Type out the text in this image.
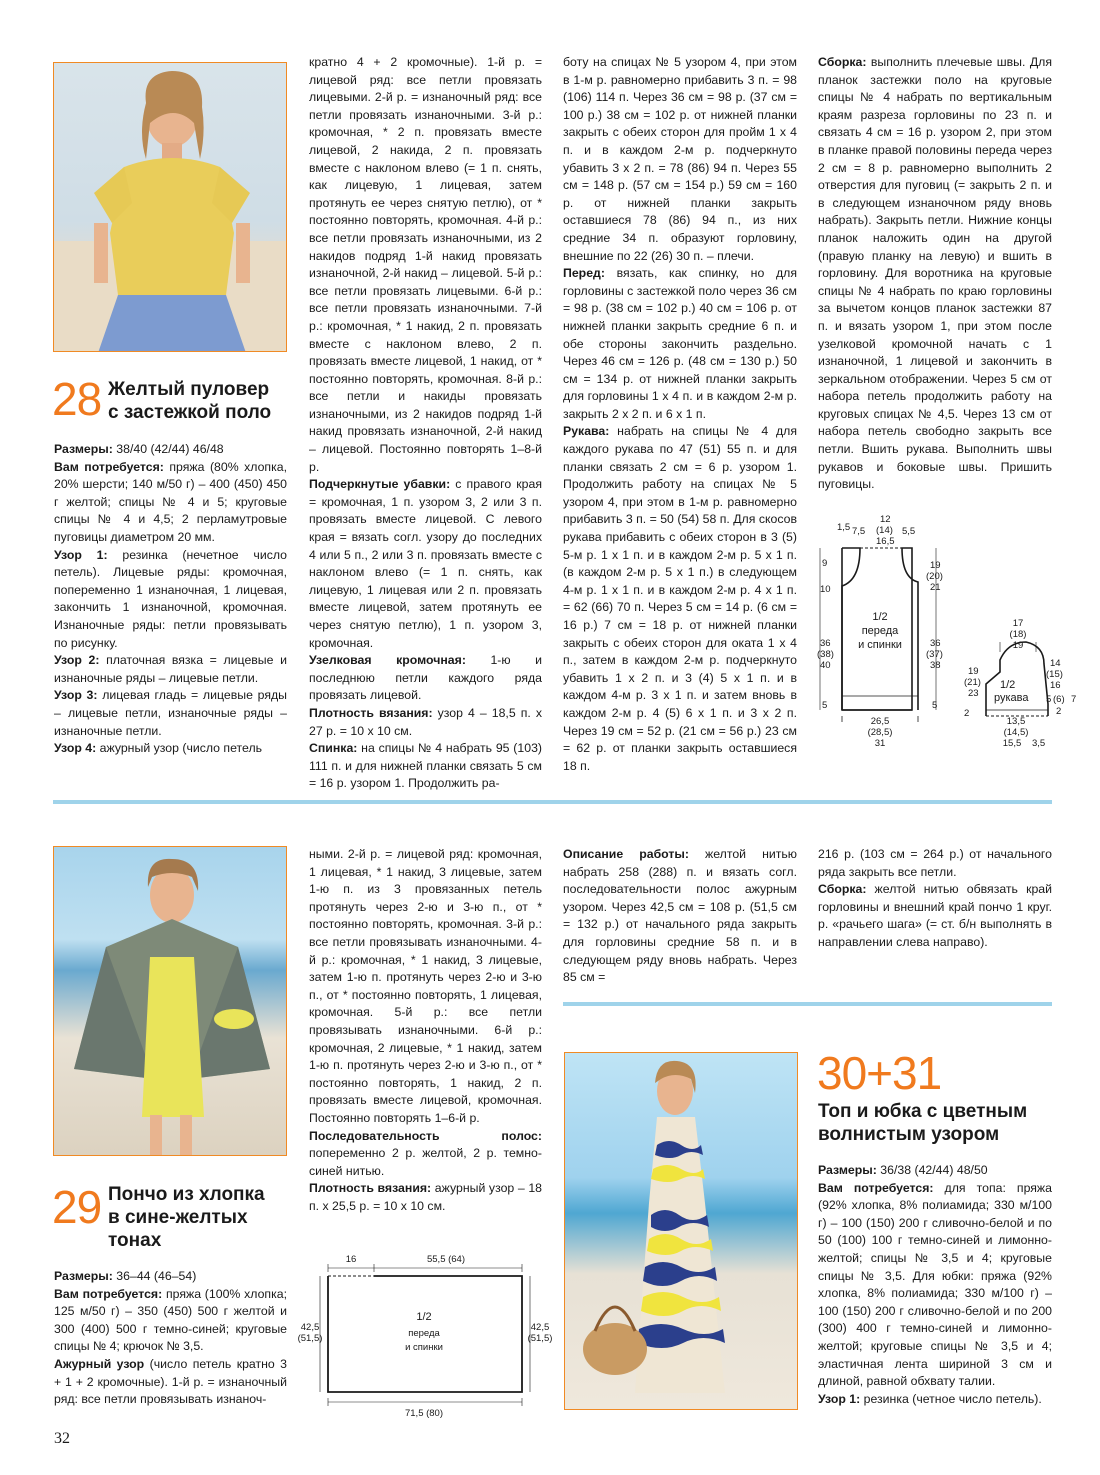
28 Желтый пуловер
с застежкой поло

Размеры: 38/40 (42/44) 46/48

Вам потребуется: пряжа (80% хлопка, 20% шерсти; 140 м/50 г) – 400 (450) 450 г желтой; спицы № 4 и 5; круговые спицы № 4 и 4,5; 2 перламутровые пуговицы диаметром 20 мм.

Узор 1: резинка (нечетное число петель). Лицевые ряды: кромочная, попеременно 1 изнаночная, 1 лицевая, закончить 1 изнаночной, кромочная. Изнаночные ряды: петли провязывать по рисунку.

Узор 2: платочная вязка = лицевые и изнаночные ряды – лицевые петли.

Узор 3: лицевая гладь = лицевые ряды – лицевые петли, изнаночные ряды – изнаночные петли.

Узор 4: ажурный узор (число петель

кратно 4 + 2 кромочные). 1-й р. = лицевой ряд: все петли провязать лицевыми. 2-й р. = изнаночный ряд: все петли провязать изнаночными. 3-й р.: кромочная, * 2 п. провязать вместе лицевой, 2 накида, 2 п. провязать вместе с наклоном влево (= 1 п. снять, как лицевую, 1 лицевая, затем протянуть ее через снятую петлю), от * постоянно повторять, кромочная. 4-й р.: все петли провязать изнаночными, из 2 накидов подряд 1-й накид провязать изнаночной, 2-й накид – лицевой. 5-й р.: все петли провязать лицевыми. 6-й р.: все петли провязать изнаночными. 7-й р.: кромочная, * 1 накид, 2 п. провязать вместе с наклоном влево, 2 п. провязать вместе лицевой, 1 накид, от * постоянно повторять, кромочная. 8-й р.: все петли и накиды провязать изнаночными, из 2 накидов подряд 1-й накид провязать изнаночной, 2-й накид – лицевой. Постоянно повторять 1–8-й р.

Подчеркнутые убавки: с правого края = кромочная, 1 п. узором 3, 2 или 3 п. провязать вместе лицевой. С левого края = вязать согл. узору до последних 4 или 5 п., 2 или 3 п. провязать вместе с наклоном влево (= 1 п. снять, как лицевую, 1 лицевая или 2 п. провязать вместе лицевой, затем протянуть ее через снятую петлю), 1 п. узором 3, кромочная.

Узелковая кромочная: 1-ю и последнюю петли каждого ряда провязать лицевой.

Плотность вязания: узор 4 – 18,5 п. x 27 р. = 10 x 10 см.

Спинка: на спицы № 4 набрать 95 (103) 111 п. и для нижней планки связать 5 см = 16 р. узором 1. Продолжить ра-

боту на спицах № 5 узором 4, при этом в 1-м р. равномерно прибавить 3 п. = 98 (106) 114 п. Через 36 см = 98 р. (37 см = 100 р.) 38 см = 102 р. от нижней планки закрыть с обеих сторон для пройм 1 x 4 п. и в каждом 2-м р. подчеркнуто убавить 3 x 2 п. = 78 (86) 94 п. Через 55 см = 148 р. (57 см = 154 р.) 59 см = 160 р. от нижней планки закрыть оставшиеся 78 (86) 94 п., из них средние 34 п. образуют горловину, внешние по 22 (26) 30 п. – плечи.

Перед: вязать, как спинку, но для горловины с застежкой поло через 36 см = 98 р. (38 см = 102 р.) 40 см = 106 р. от нижней планки закрыть средние 6 п. и обе стороны закончить раздельно. Через 46 см = 126 р. (48 см = 130 р.) 50 см = 134 р. от нижней планки закрыть для горловины 1 x 4 п. и в каждом 2-м р. закрыть 2 x 2 п. и 6 x 1 п.

Рукава: набрать на спицы № 4 для каждого рукава по 47 (51) 55 п. и для планки связать 2 см = 6 р. узором 1. Продолжить работу на спицах № 5 узором 4, при этом в 1-м р. равномерно прибавить 3 п. = 50 (54) 58 п. Для скосов рукава прибавить с обеих сторон в 3 (5) 5-м р. 1 x 1 п. и в каждом 2-м р. 5 x 1 п. (в каждом 2-м р. 5 x 1 п.) в следующем 4-м р. 1 x 1 п. и в каждом 2-м р. 4 x 1 п. = 62 (66) 70 п. Через 5 см = 14 р. (6 см = 16 р.) 7 см = 18 р. от нижней планки закрыть с обеих сторон для оката 1 x 4 п., затем в каждом 2-м р. подчеркнуто убавить 1 x 2 п. и 3 (4) 5 x 1 п. и в каждом 4-м р. 3 x 1 п. и затем вновь в каждом 2-м р. 4 (5) 6 x 1 п. и 3 x 2 п. Через 19 см = 52 р. (21 см = 56 р.) 23 см = 62 р. от планки закрыть оставшиеся 18 п.

Сборка: выполнить плечевые швы. Для планок застежки поло на круговые спицы № 4 набрать по вертикальным краям разреза горловины по 23 п. и связать 4 см = 16 р. узором 2, при этом в планке правой половины переда через 2 см = 8 р. равномерно выполнить 2 отверстия для пуговиц (= закрыть 2 п. и в следующем изнаночном ряду вновь набрать). Закрыть петли. Нижние концы планок наложить один на другой (правую планку на левую) и вшить в горловину. Для воротника на круговые спицы № 4 набрать по краю горловины за вычетом концов планок застежки 87 п. и вязать узором 1, при этом после узелковой кромочной начать с 1 изнаночной, 1 лицевой и закончить в зеркальном отображении. Через 5 см от набора петель продолжить работу на круговых спицах № 4,5. Через 13 см от набора петель свободно закрыть все петли. Вшить рукава. Выполнить швы рукавов и боковые швы. Пришить пуговицы.

1,5 7,5
12
(14)
16,5
5,5
9
10
36
(38)
40
5
19
(20)
21
36
(37)
38
5
1/2
переда
и спинки
26,5
(28,5)
31
17
(18)
19
19
(21)
23
2
14
(15)
16
5 (6) 7
2
1/2
рукава
13,5
(14,5)
15,5 3,5
29 Пончо из хлопка
в сине-желтых
тонах

Размеры: 36–44 (46–54)

Вам потребуется: пряжа (100% хлопка; 125 м/50 г) – 350 (450) 500 г желтой и 300 (400) 500 г темно-синей; круговые спицы № 4; крючок № 3,5.

Ажурный узор (число петель кратно 3 + 1 + 2 кромочные). 1-й р. = изнаночный ряд: все петли провязывать изнаноч-

ными. 2-й р. = лицевой ряд: кромочная, 1 лицевая, * 1 накид, 3 лицевые, затем 1-ю п. из 3 провязанных петель протянуть через 2-ю и 3-ю п., от * постоянно повторять, кромочная. 3-й р.: все петли провязывать изнаночными. 4-й р.: кромочная, * 1 накид, 3 лицевые, затем 1-ю п. протянуть через 2-ю и 3-ю п., от * постоянно повторять, 1 лицевая, кромочная. 5-й р.: все петли провязывать изнаночными. 6-й р.: кромочная, 2 лицевые, * 1 накид, затем 1-ю п. протянуть через 2-ю и 3-ю п., от * постоянно повторять, 1 накид, 2 п. провязать вместе лицевой, кромочная. Постоянно повторять 1–6-й р.

Последовательность полос: попеременно 2 р. желтой, 2 р. темно-синей нитью.

Плотность вязания: ажурный узор – 18 п. x 25,5 р. = 10 x 10 см.

Описание работы: желтой нитью набрать 258 (288) п. и вязать согл. последовательности полос ажурным узором. Через 42,5 см = 108 р. (51,5 см = 132 р.) от начального ряда закрыть для горловины средние 58 п. и в следующем ряду вновь набрать. Через 85 см =

216 р. (103 см = 264 р.) от начального ряда закрыть все петли.

Сборка: желтой нитью обвязать край горловины и внешний край пончо 1 круг. р. «рачьего шага» (= ст. б/н выполнять в направлении слева направо).

16	55,5 (64)
42,5
(51,5)
42,5
(51,5)
1/2
переда
и спинки
71,5 (80)
30+31
Топ и юбка с цветным
волнистым узором

Размеры: 36/38 (42/44) 48/50

Вам потребуется: для топа: пряжа (92% хлопка, 8% полиамида; 330 м/100 г) – 100 (150) 200 г сливочно-белой и по 50 (100) 100 г темно-синей и лимонно-желтой; спицы № 3,5 и 4; круговые спицы № 3,5. Для юбки: пряжа (92% хлопка, 8% полиамида; 330 м/100 г) – 100 (150) 200 г сливочно-белой и по 200 (300) 400 г темно-синей и лимонно-желтой; круговые спицы № 3,5 и 4; эластичная лента шириной 3 см и длиной, равной обхвату талии.

Узор 1: резинка (четное число петель).

32
